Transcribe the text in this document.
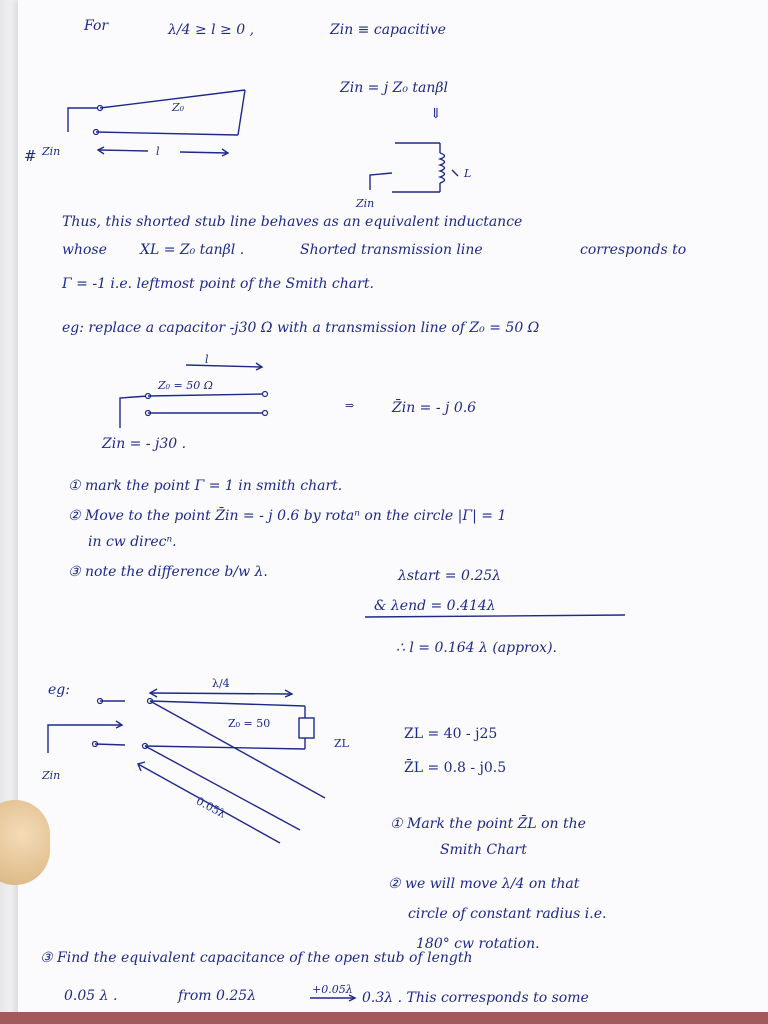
For	λ/4 ≥ l ≥ 0 ,	Zin ≡ capacitive
Z₀
l
# Zin
Zin = j Z₀ tanβl
⇓
L
Zin
Thus, this shorted stub line behaves as an equivalent inductance
whose XL = Z₀ tanβl .	Shorted transmission line	corresponds to
Γ = -1 i.e. leftmost point of the Smith chart.
eg: replace a capacitor -j30 Ω with a transmission line of Z₀ = 50 Ω
l
Z₀ = 50 Ω
Zin = - j30 .
⇒	Z̄in = - j 0.6
① mark the point Γ = 1 in smith chart.
② Move to the point Z̄in = - j 0.6 by rotaⁿ on the circle |Γ| = 1
in cw direcⁿ.
③ note the difference b/w λ.	λstart = 0.25λ
& λend = 0.414λ
∴ l = 0.164 λ (approx).
eg:	λ/4
Z₀ = 50
ZL
Zin
0.05λ
ZL = 40 - j25
Z̄L = 0.8 - j0.5
① Mark the point Z̄L on the
Smith Chart
② we will move λ/4 on that
circle of constant radius i.e.
180° cw rotation.
③ Find the equivalent capacitance of the open stub of length
0.05 λ .	from 0.25λ	+0.05λ
0.3λ . This corresponds to some
